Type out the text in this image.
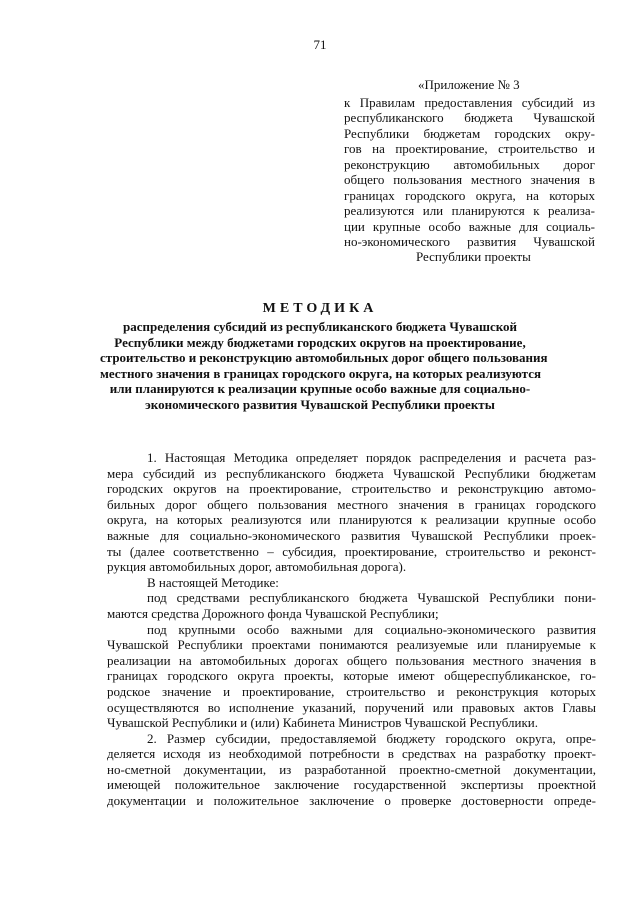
71
«Приложение № 3
к Правилам предоставления субсидий из
республиканского бюджета Чувашской
Республики бюджетам городских окру-
гов на проектирование, строительство и
реконструкцию автомобильных дорог
общего пользования местного значения в
границах городского округа, на которых
реализуются или планируются к реализа-
ции крупные особо важные для социаль-
но-экономического развития Чувашской
Республики проекты
МЕТОДИКА
распределения субсидий из республиканского бюджета Чувашской
Республики между бюджетами городских округов на проектирование,
строительство и реконструкцию автомобильных дорог общего пользования
местного значения в границах городского округа, на которых реализуются
или планируются к реализации крупные особо важные для социально-
экономического развития Чувашской Республики проекты
1. Настоящая Методика определяет порядок распределения и расчета раз-
мера субсидий из республиканского бюджета Чувашской Республики бюджетам
городских округов на проектирование, строительство и реконструкцию автомо-
бильных дорог общего пользования местного значения в границах городского
округа, на которых реализуются или планируются к реализации крупные особо
важные для социально-экономического развития Чувашской Республики проек-
ты (далее соответственно – субсидия, проектирование, строительство и реконст-
рукция автомобильных дорог, автомобильная дорога).
В настоящей Методике:
под средствами республиканского бюджета Чувашской Республики пони-
маются средства Дорожного фонда Чувашской Республики;
под крупными особо важными для социально-экономического развития
Чувашской Республики проектами понимаются реализуемые или планируемые к
реализации на автомобильных дорогах общего пользования местного значения в
границах городского округа проекты, которые имеют общереспубликанское, го-
родское значение и проектирование, строительство и реконструкция которых
осуществляются во исполнение указаний, поручений или правовых актов Главы
Чувашской Республики и (или) Кабинета Министров Чувашской Республики.
2. Размер субсидии, предоставляемой бюджету городского округа, опре-
деляется исходя из необходимой потребности в средствах на разработку проект-
но-сметной документации, из разработанной проектно-сметной документации,
имеющей положительное заключение государственной экспертизы проектной
документации и положительное заключение о проверке достоверности опреде-
